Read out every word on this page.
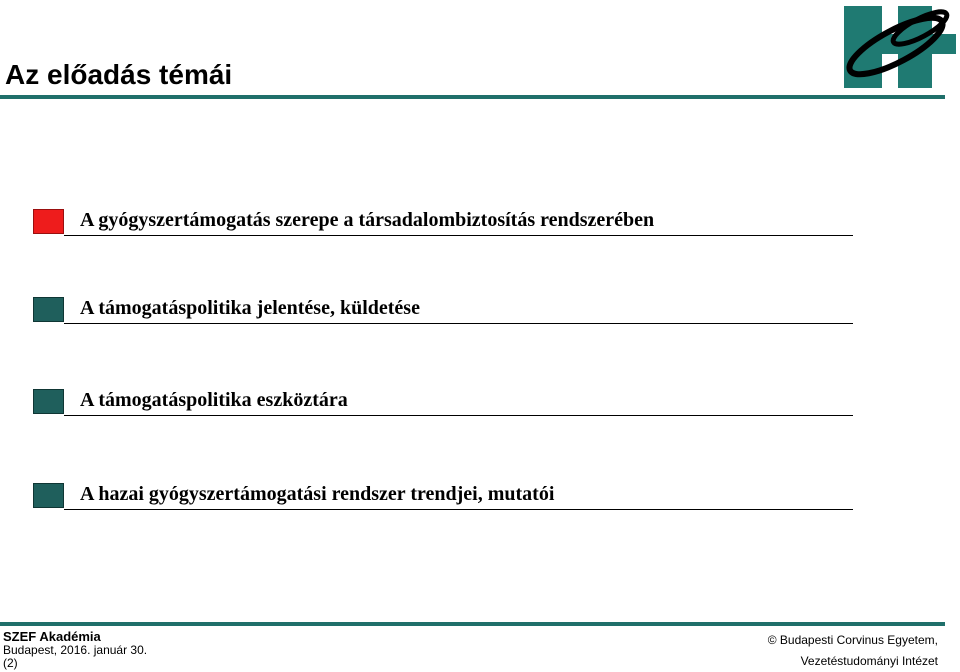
Az előadás témái
A gyógyszertámogatás szerepe a társadalombiztosítás rendszerében
A támogatáspolitika jelentése, küldetése
A támogatáspolitika eszköztára
A hazai gyógyszertámogatási rendszer trendjei, mutatói
SZEF Akadémia
Budapest, 2016. január 30.
(2)
© Budapesti Corvinus Egyetem,
Vezetéstudományi Intézet
